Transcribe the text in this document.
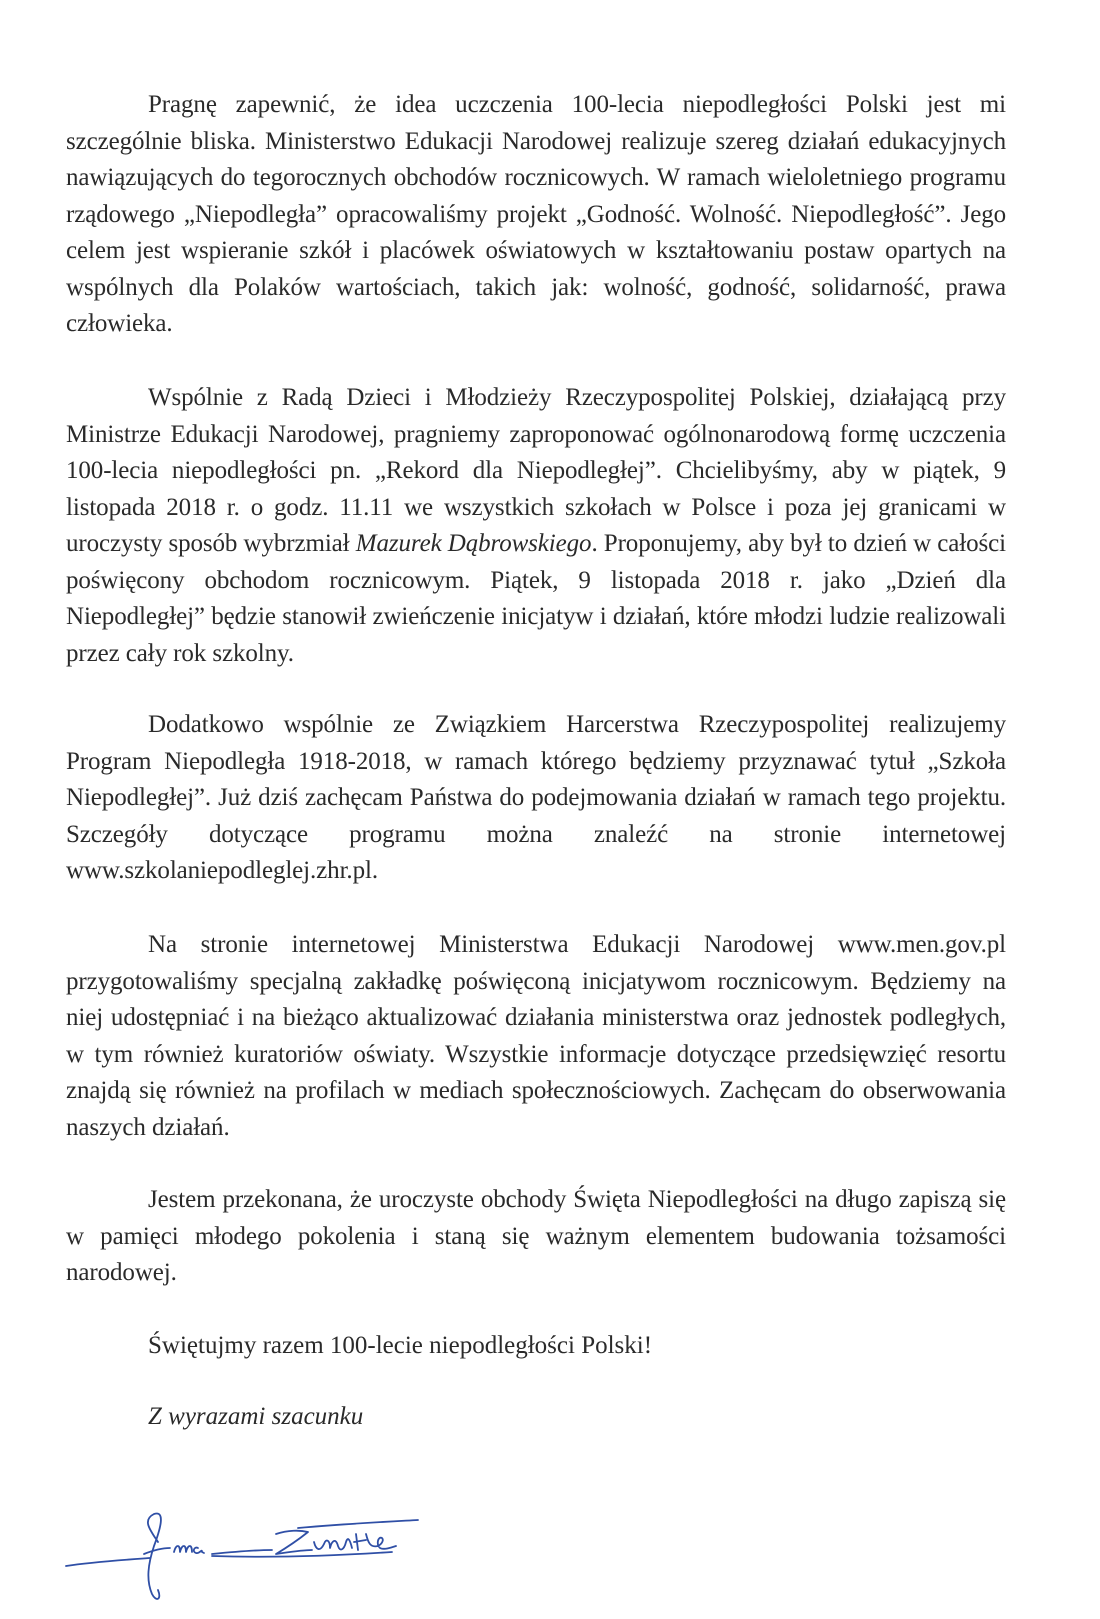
Pragnę zapewnić, że idea uczczenia 100-lecia niepodległości Polski jest mi szczególnie bliska. Ministerstwo Edukacji Narodowej realizuje szereg działań edukacyjnych nawiązujących do tegorocznych obchodów rocznicowych. W ramach wieloletniego programu rządowego „Niepodległa” opracowaliśmy projekt „Godność. Wolność. Niepodległość”. Jego celem jest wspieranie szkół i placówek oświatowych w kształtowaniu postaw opartych na wspólnych dla Polaków wartościach, takich jak: wolność, godność, solidarność, prawa człowieka.

Wspólnie z Radą Dzieci i Młodzieży Rzeczypospolitej Polskiej, działającą przy Ministrze Edukacji Narodowej, pragniemy zaproponować ogólnonarodową formę uczczenia 100-lecia niepodległości pn. „Rekord dla Niepodległej”. Chcielibyśmy, aby w piątek, 9 listopada 2018 r. o godz. 11.11 we wszystkich szkołach w Polsce i poza jej granicami w uroczysty sposób wybrzmiał Mazurek Dąbrowskiego. Proponujemy, aby był to dzień w całości poświęcony obchodom rocznicowym. Piątek, 9 listopada 2018 r. jako „Dzień dla Niepodległej” będzie stanowił zwieńczenie inicjatyw i działań, które młodzi ludzie realizowali przez cały rok szkolny.

Dodatkowo wspólnie ze Związkiem Harcerstwa Rzeczypospolitej realizujemy Program Niepodległa 1918-2018, w ramach którego będziemy przyznawać tytuł „Szkoła Niepodległej”. Już dziś zachęcam Państwa do podejmowania działań w ramach tego projektu. Szczegóły dotyczące programu można znaleźć na stronie internetowej www.szkolaniepodleglej.zhr.pl.

Na stronie internetowej Ministerstwa Edukacji Narodowej www.men.gov.pl przygotowaliśmy specjalną zakładkę poświęconą inicjatywom rocznicowym. Będziemy na niej udostępniać i na bieżąco aktualizować działania ministerstwa oraz jednostek podległych, w tym również kuratoriów oświaty. Wszystkie informacje dotyczące przedsięwzięć resortu znajdą się również na profilach w mediach społecznościowych. Zachęcam do obserwowania naszych działań.

Jestem przekonana, że uroczyste obchody Święta Niepodległości na długo zapiszą się w pamięci młodego pokolenia i staną się ważnym elementem budowania tożsamości narodowej.

Świętujmy razem 100-lecie niepodległości Polski!

Z wyrazami szacunku
